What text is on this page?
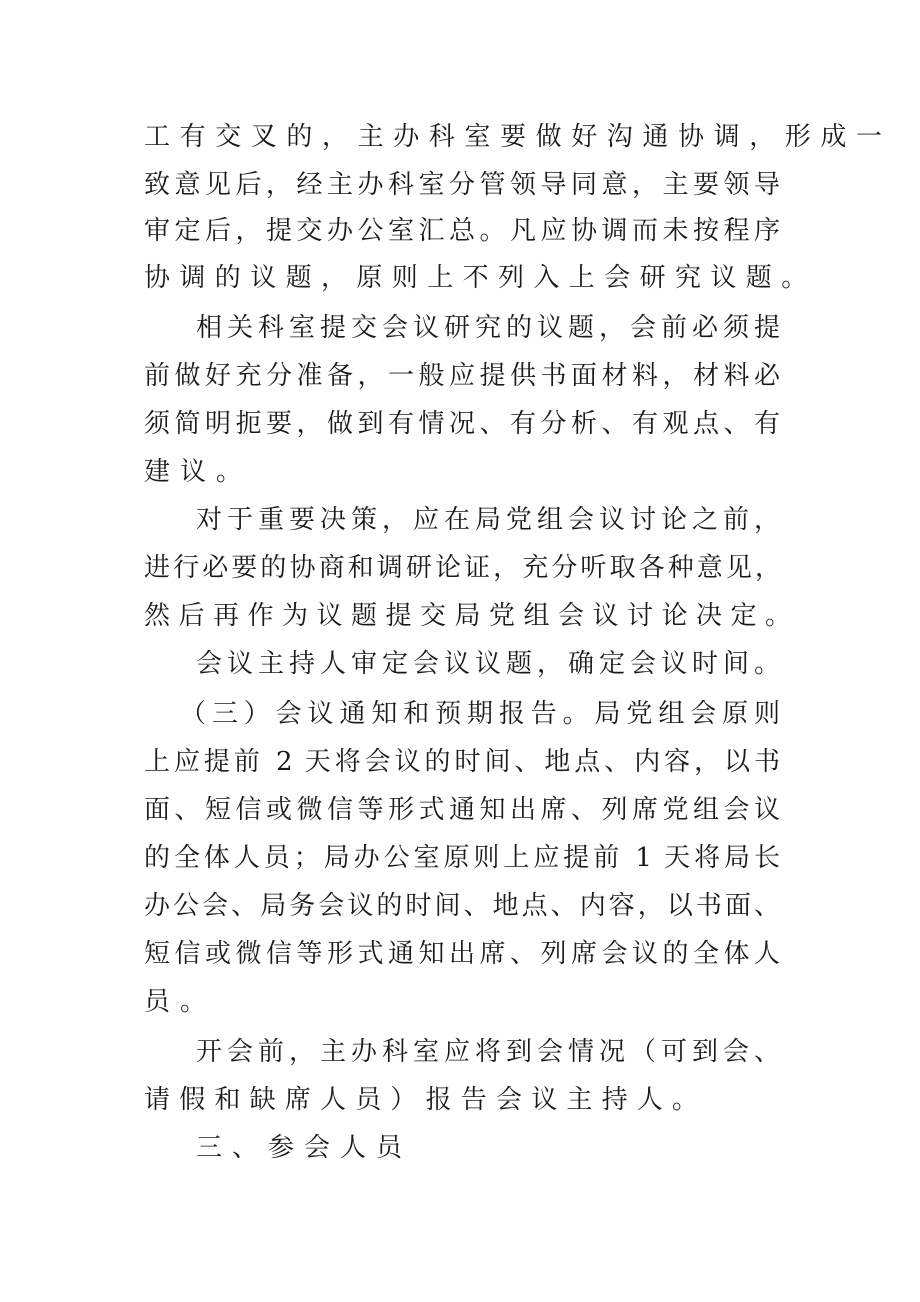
工有交叉的，主办科室要做好沟通协调，形成一
致意见后，经主办科室分管领导同意，主要领导
审定后，提交办公室汇总。凡应协调而未按程序
协调的议题，原则上不列入上会研究议题。
相关科室提交会议研究的议题，会前必须提
前做好充分准备，一般应提供书面材料，材料必
须简明扼要，做到有情况、有分析、有观点、有
建议。
对于重要决策，应在局党组会议讨论之前，
进行必要的协商和调研论证，充分听取各种意见，
然后再作为议题提交局党组会议讨论决定。
会议主持人审定会议议题，确定会议时间。
（三）会议通知和预期报告。局党组会原则
上应提前 2 天将会议的时间、地点、内容，以书
面、短信或微信等形式通知出席、列席党组会议
的全体人员；局办公室原则上应提前 1 天将局长
办公会、局务会议的时间、地点、内容，以书面、
短信或微信等形式通知出席、列席会议的全体人
员。
开会前，主办科室应将到会情况（可到会、
请假和缺席人员）报告会议主持人。
三、参会人员
